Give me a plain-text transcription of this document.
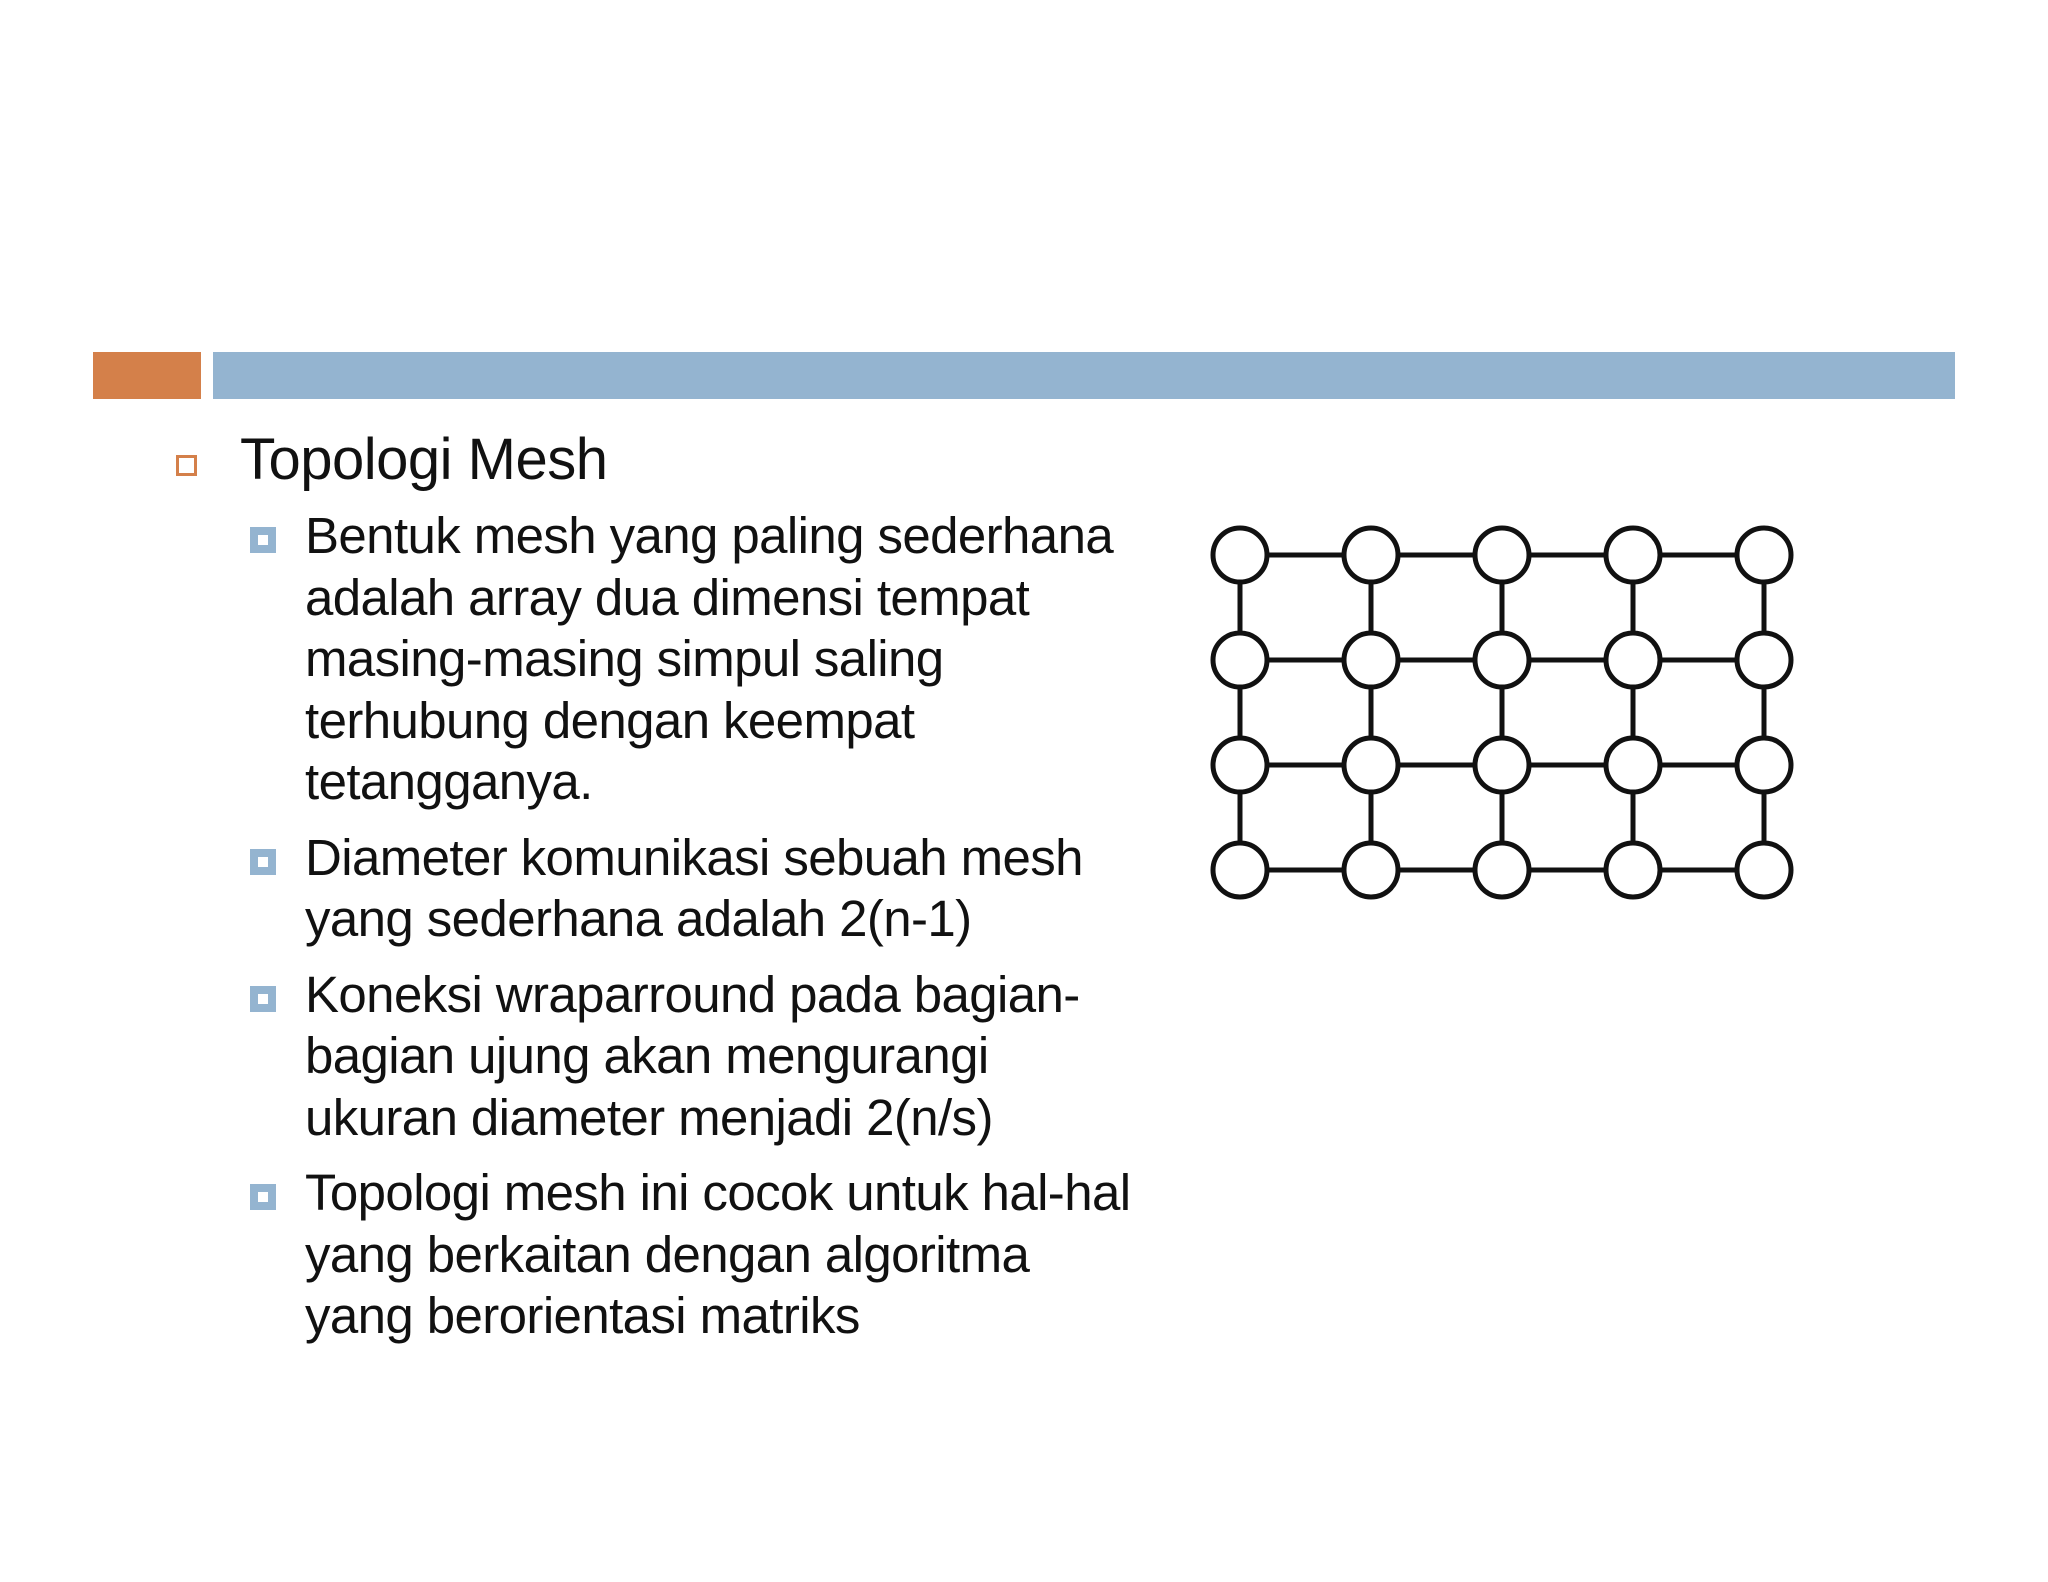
Topologi Mesh
Bentuk mesh yang paling sederhana
adalah array dua dimensi tempat
masing-masing simpul saling
terhubung dengan keempat
tetangganya.
Diameter komunikasi sebuah mesh
yang sederhana adalah 2(n-1)
Koneksi wraparround pada bagian-
bagian ujung akan mengurangi
ukuran diameter menjadi 2(n/s)
Topologi mesh ini cocok untuk hal-hal
yang berkaitan dengan algoritma
yang berorientasi matriks
